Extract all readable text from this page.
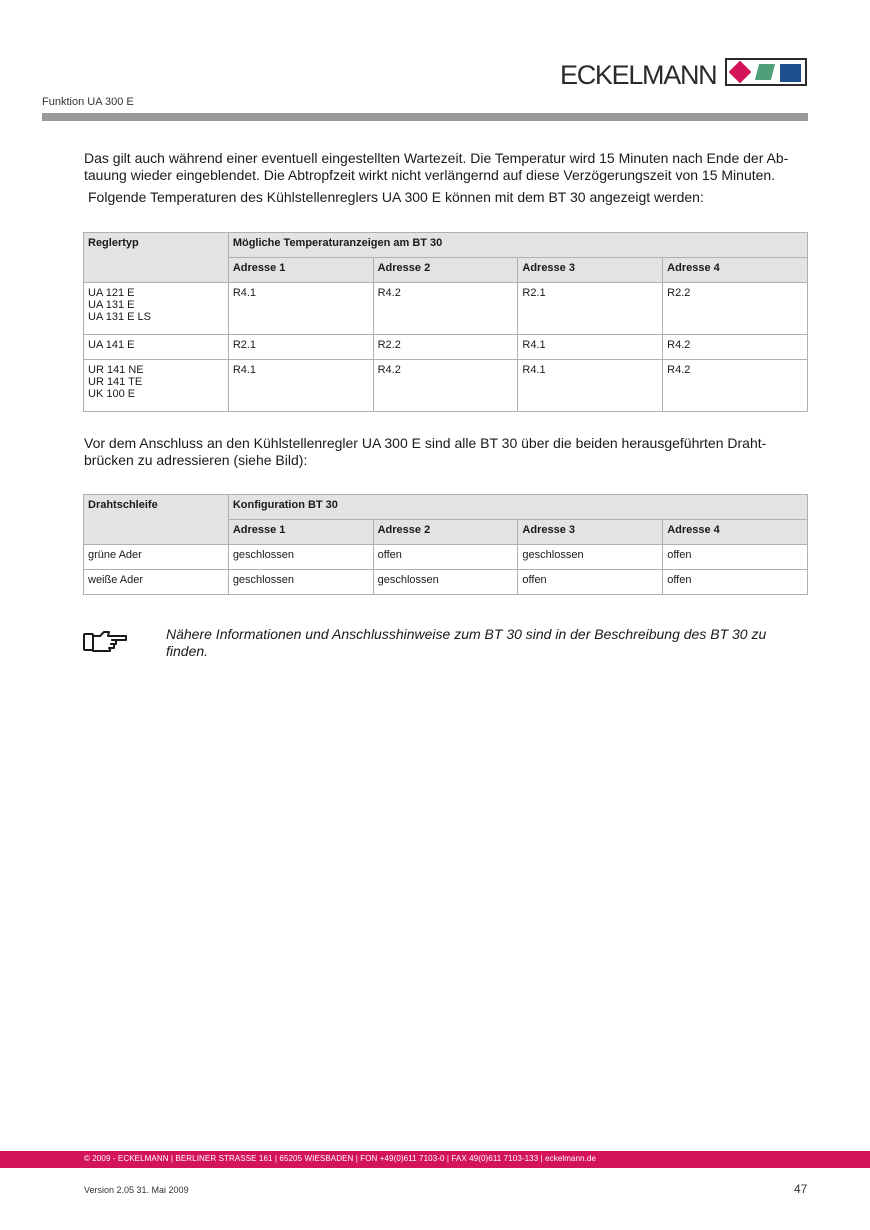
ECKELMANN
Funktion UA 300 E
Das gilt auch während einer eventuell eingestellten Wartezeit. Die Temperatur wird 15 Minuten nach Ende der Ab-
tauung wieder eingeblendet. Die Abtropfzeit wirkt nicht verlängernd auf diese Verzögerungszeit von 15 Minuten.
Folgende Temperaturen des Kühlstellenreglers UA 300 E können mit dem BT 30 angezeigt werden:
Reglertyp	Mögliche Temperaturanzeigen am BT 30			
	Adresse 1	Adresse 2	Adresse 3	Adresse 4

UA 121 E
UA 131 E
UA 131 E LS	R4.1	R4.2	R2.1	R2.2

UA 141 E	R2.1	R2.2	R4.1	R4.2

UR 141 NE
UR 141 TE
UK 100 E	R4.1	R4.2	R4.1	R4.2
Vor dem Anschluss an den Kühlstellenregler UA 300 E sind alle BT 30 über die beiden herausgeführten Draht-
brücken zu adressieren (siehe Bild):
Drahtschleife	Konfiguration BT 30			
	Adresse 1	Adresse 2	Adresse 3	Adresse 4
grüne Ader	geschlossen	offen	geschlossen	offen
weiße Ader	geschlossen	geschlossen	offen	offen
Nähere Informationen und Anschlusshinweise zum BT 30 sind in der Beschreibung des BT 30 zu
finden.
© 2009 - ECKELMANN | BERLINER STRASSE 161 | 65205 WIESBADEN | FON +49(0)611 7103-0 | FAX 49(0)611 7103-133 | eckelmann.de
Version 2.05 31. Mai 2009	47
